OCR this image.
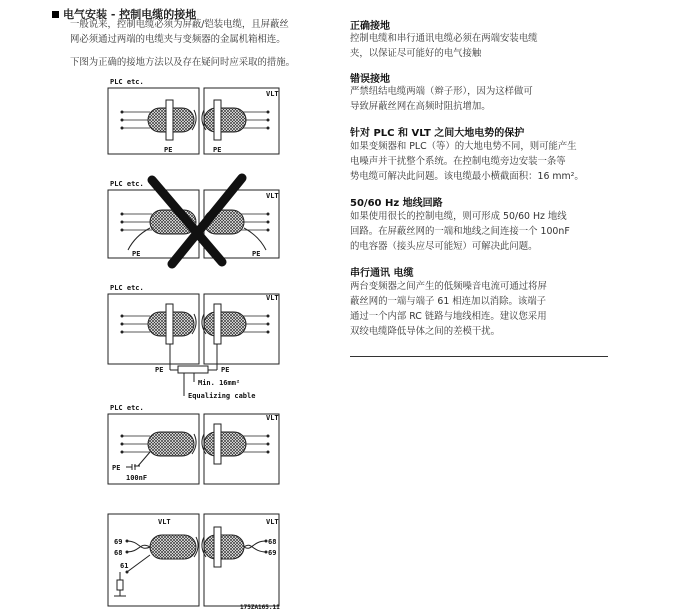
电气安装 - 控制电缆的接地
一般说来，控制电缆必须为屏蔽/铠装电缆，且屏蔽丝
网必须通过两端的电缆夹与变频器的金属机箱相连。
下图为正确的接地方法以及存在疑问时应采取的措施。
正确接地
控制电缆和串行通讯电缆必须在两端安装电缆
夹，以保证尽可能好的电气接触
错误接地
严禁纽结电缆两端（辫子形），因为这样做可
导致屏蔽丝网在高频时阻抗增加。
针对 PLC 和 VLT 之间大地电势的保护
如果变频器和 PLC（等）的大地电势不同，则可能产生
电噪声并干扰整个系统。在控制电缆旁边安装一条等
势电缆可解决此问题。该电缆最小横截面积：16 mm²。
50/60 Hz 地线回路
如果使用很长的控制电缆，则可形成 50/60 Hz 地线
回路。在屏蔽丝网的一端和地线之间连接一个 100nF
的电容器（接头应尽可能短）可解决此问题。
串行通讯 电缆
两台变频器之间产生的低频噪音电流可通过将屏
蔽丝网的一端与端子 61 相连加以消除。该端子
通过一个内部 RC 链路与地线相连。建议您采用
双绞电缆降低导体之间的差模干扰。
PLC etc.
VLT
PE	PE
PLC etc.
VLT
PE	PE
PLC etc.
VLT
PE	PE
Min. 16mm²
Equalizing cable
PLC etc.
VLT
PE
100nF
VLT	VLT
69
68
68
69
61
175ZA165.11
